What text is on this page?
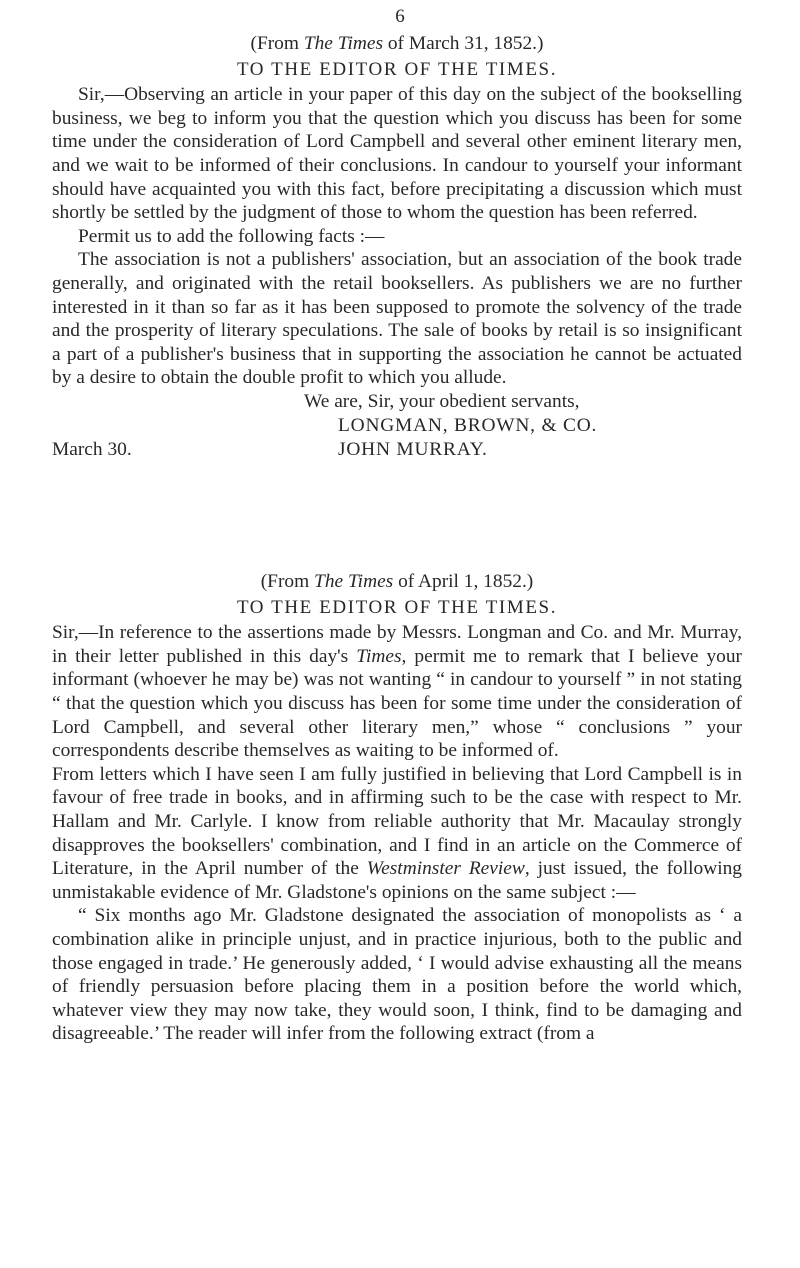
6

(From The Times of March 31, 1852.)

TO THE EDITOR OF THE TIMES.

Sir,—Observing an article in your paper of this day on the subject of the bookselling business, we beg to inform you that the question which you discuss has been for some time under the consideration of Lord Campbell and several other eminent literary men, and we wait to be informed of their conclusions. In candour to yourself your informant should have acquainted you with this fact, before precipitating a discussion which must shortly be settled by the judgment of those to whom the question has been referred.

Permit us to add the following facts :—

The association is not a publishers' association, but an association of the book trade generally, and originated with the retail booksellers. As publishers we are no further interested in it than so far as it has been supposed to promote the solvency of the trade and the prosperity of literary speculations. The sale of books by retail is so insignificant a part of a publisher's business that in supporting the association he cannot be actuated by a desire to obtain the double profit to which you allude.

We are, Sir, your obedient servants,
LONGMAN, BROWN, & CO.
March 30.	JOHN MURRAY.

(From The Times of April 1, 1852.)

TO THE EDITOR OF THE TIMES.

Sir,—In reference to the assertions made by Messrs. Longman and Co. and Mr. Murray, in their letter published in this day's Times, permit me to remark that I believe your informant (whoever he may be) was not wanting “ in candour to yourself ” in not stating “ that the question which you discuss has been for some time under the consideration of Lord Campbell, and several other literary men,” whose “ conclusions ” your correspondents describe themselves as waiting to be informed of.

From letters which I have seen I am fully justified in believing that Lord Campbell is in favour of free trade in books, and in affirming such to be the case with respect to Mr. Hallam and Mr. Carlyle. I know from reliable authority that Mr. Macaulay strongly disapproves the booksellers' combination, and I find in an article on the Commerce of Literature, in the April number of the Westminster Review, just issued, the following unmistakable evidence of Mr. Gladstone's opinions on the same subject :—

“ Six months ago Mr. Gladstone designated the association of monopolists as ‘ a combination alike in principle unjust, and in practice injurious, both to the public and those engaged in trade.’ He generously added, ‘ I would advise exhausting all the means of friendly persuasion before placing them in a position before the world which, whatever view they may now take, they would soon, I think, find to be damaging and disagreeable.’ The reader will infer from the following extract (from a
